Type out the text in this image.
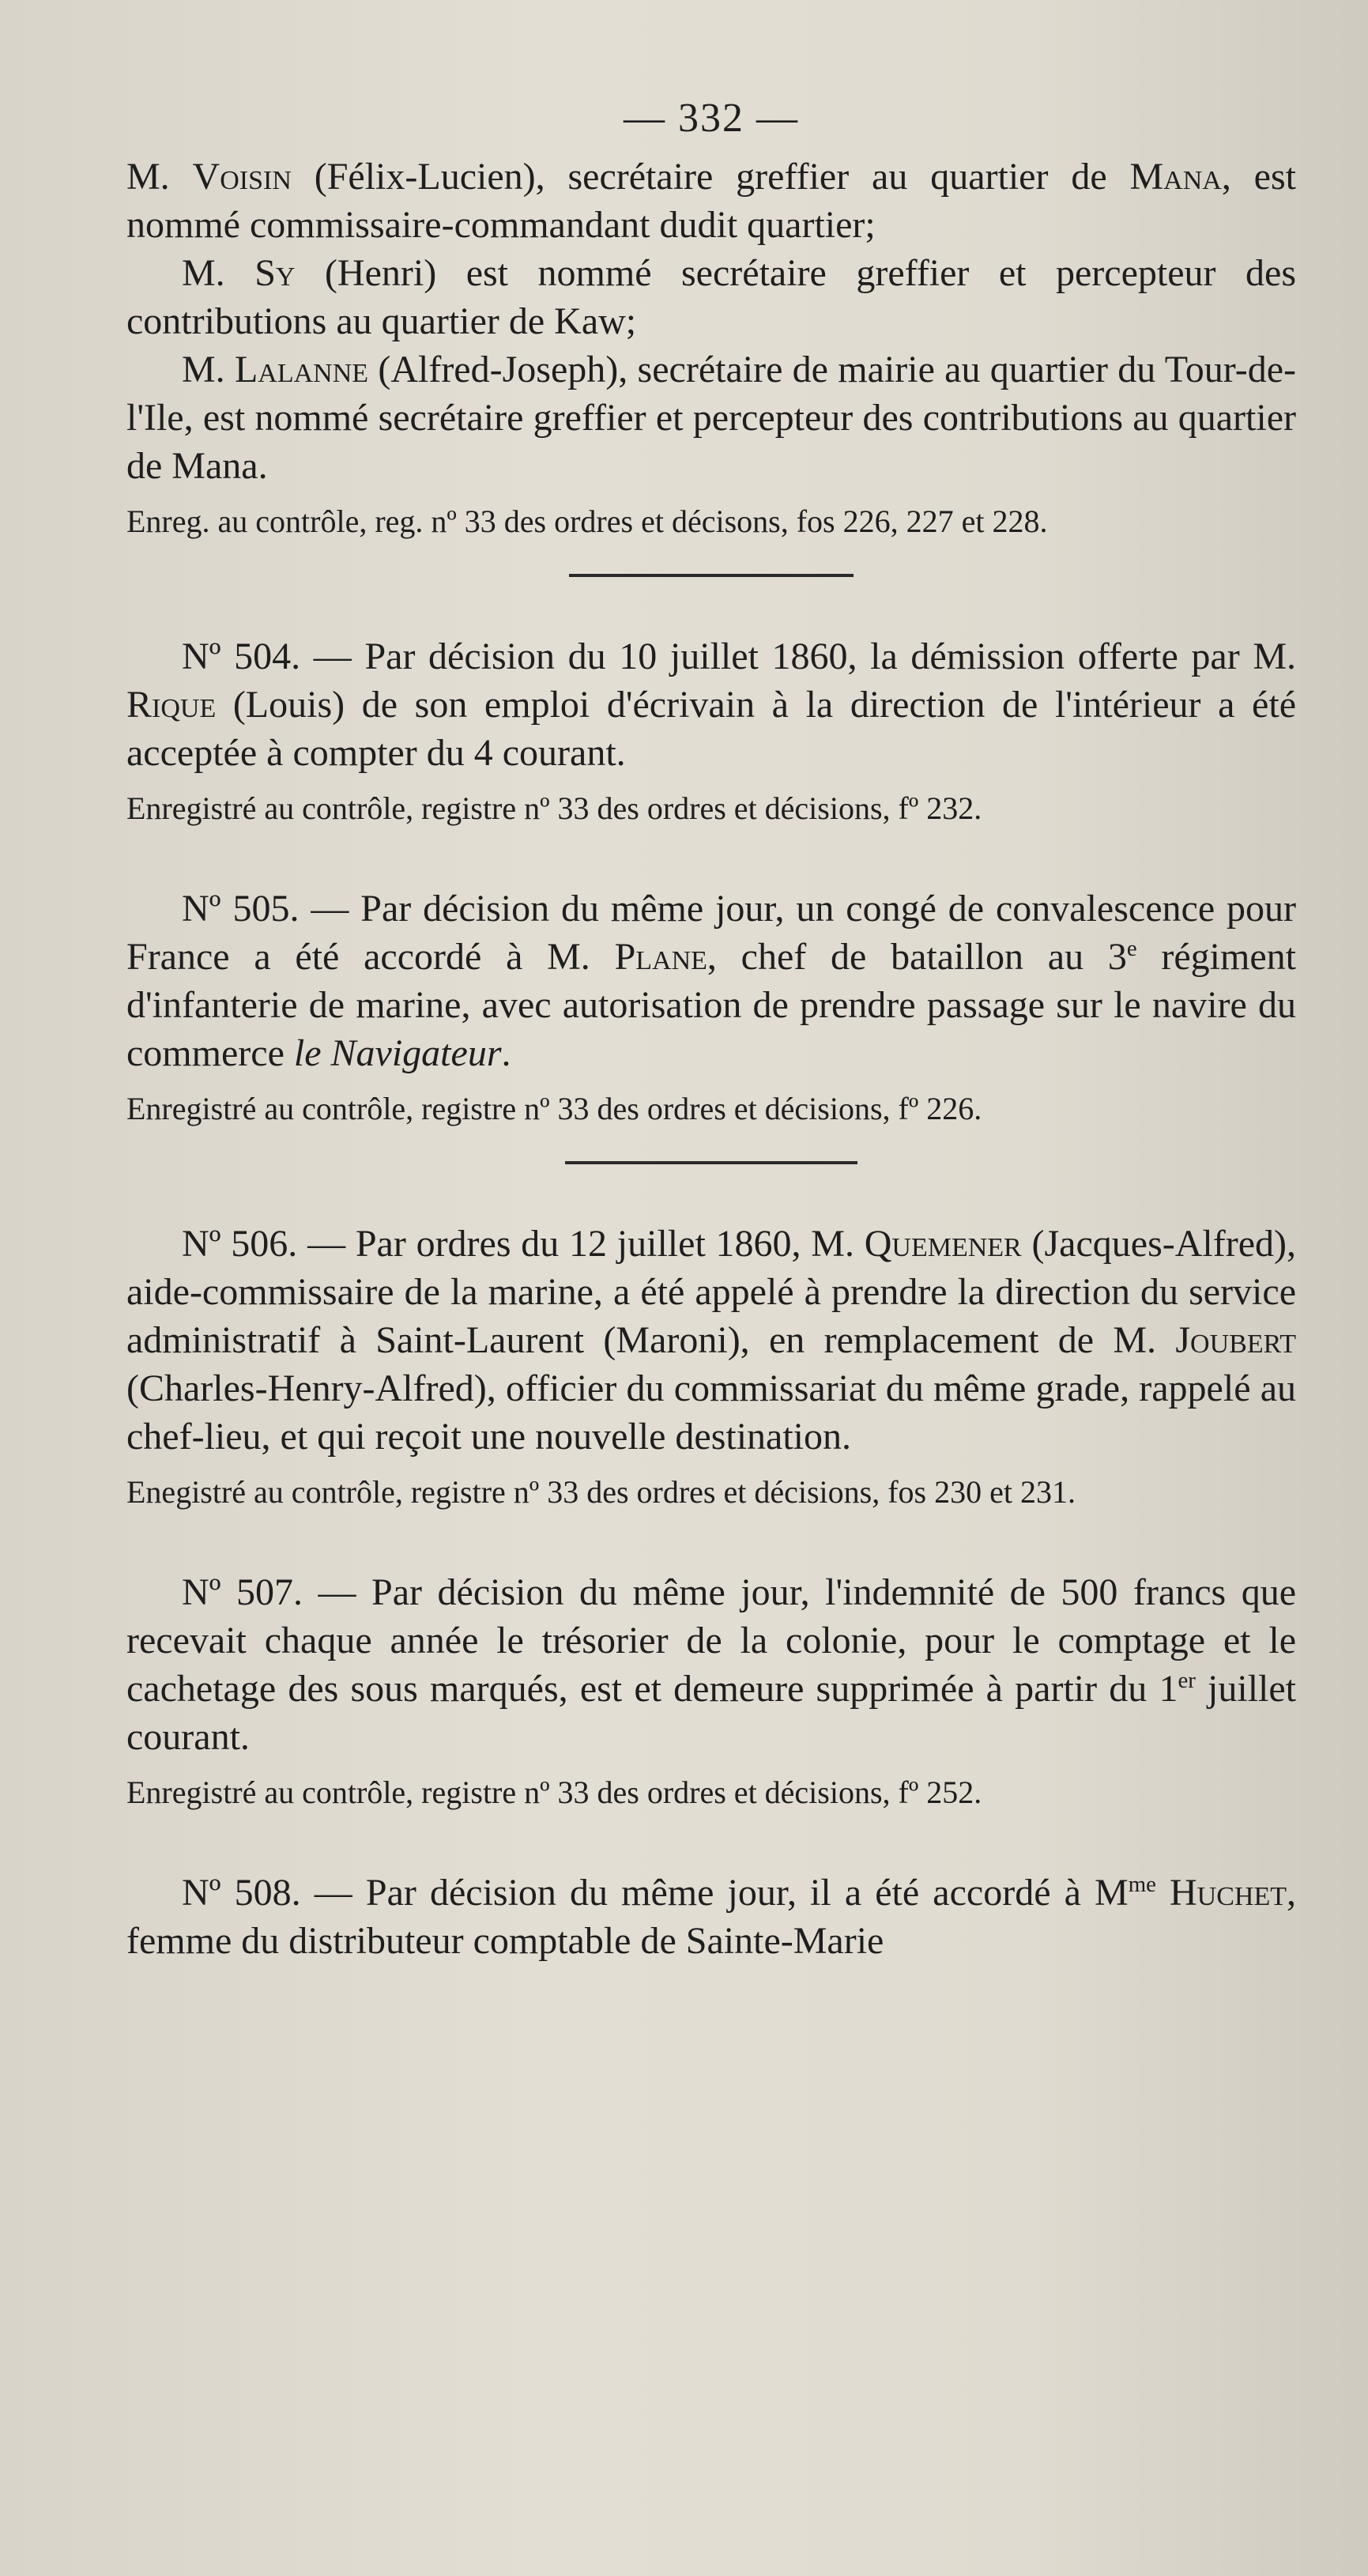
— 332 —

M. Voisin (Félix-Lucien), secrétaire greffier au quartier de Mana, est nommé commissaire-commandant dudit quartier;

M. Sy (Henri) est nommé secrétaire greffier et percepteur des contributions au quartier de Kaw;

M. Lalanne (Alfred-Joseph), secrétaire de mairie au quartier du Tour-de-l'Ile, est nommé secrétaire greffier et percepteur des contributions au quartier de Mana.

Enreg. au contrôle, reg. nº 33 des ordres et décisons, fos 226, 227 et 228.

Nº 504. — Par décision du 10 juillet 1860, la démission offerte par M. Rique (Louis) de son emploi d'écrivain à la direction de l'intérieur a été acceptée à compter du 4 courant.

Enregistré au contrôle, registre nº 33 des ordres et décisions, fº 232.

Nº 505. — Par décision du même jour, un congé de convalescence pour France a été accordé à M. Plane, chef de bataillon au 3e régiment d'infanterie de marine, avec autorisation de prendre passage sur le navire du commerce le Navigateur.

Enregistré au contrôle, registre nº 33 des ordres et décisions, fº 226.

Nº 506. — Par ordres du 12 juillet 1860, M. Quemener (Jacques-Alfred), aide-commissaire de la marine, a été appelé à prendre la direction du service administratif à Saint-Laurent (Maroni), en remplacement de M. Joubert (Charles-Henry-Alfred), officier du commissariat du même grade, rappelé au chef-lieu, et qui reçoit une nouvelle destination.

Enegistré au contrôle, registre nº 33 des ordres et décisions, fos 230 et 231.

Nº 507. — Par décision du même jour, l'indemnité de 500 francs que recevait chaque année le trésorier de la colonie, pour le comptage et le cachetage des sous marqués, est et demeure supprimée à partir du 1er juillet courant.

Enregistré au contrôle, registre nº 33 des ordres et décisions, fº 252.

Nº 508. — Par décision du même jour, il a été accordé à $M^{me}$ Huchet, femme du distributeur comptable de Sainte-Marie
